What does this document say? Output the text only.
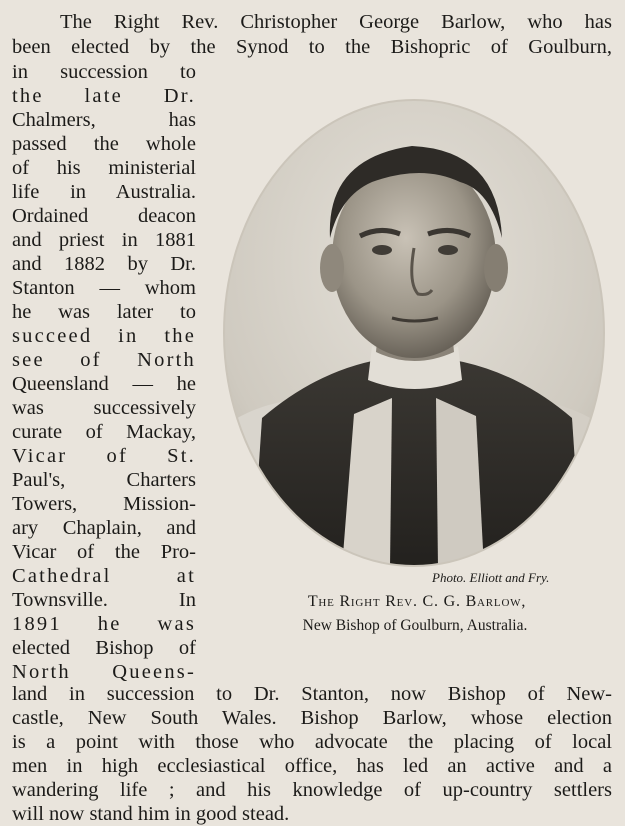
The Right Rev. Christopher George Barlow, who has
been elected by the Synod to the Bishopric of Goulburn,
in succession to
the late Dr.
Chalmers, has
passed the whole
of his ministerial
life in Australia.
Ordained deacon
and priest in 1881
and 1882 by Dr.
Stanton — whom
he was later to
succeed in the
see of North
Queensland — he
was successively
curate of Mackay,
Vicar of St.
Paul's, Charters
Towers, Mission-
ary Chaplain, and
Vicar of the Pro-
Cathedral at
Townsville. In
1891 he was
elected Bishop of
North Queens-
land in succession to Dr. Stanton, now Bishop of New-
castle, New South Wales. Bishop Barlow, whose election
is a point with those who advocate the placing of local
men in high ecclesiastical office, has led an active and a
wandering life ; and his knowledge of up-country settlers
will now stand him in good stead.
Photo. Elliott and Fry.
The Right Rev. C. G. Barlow,
New Bishop of Goulburn, Australia.
